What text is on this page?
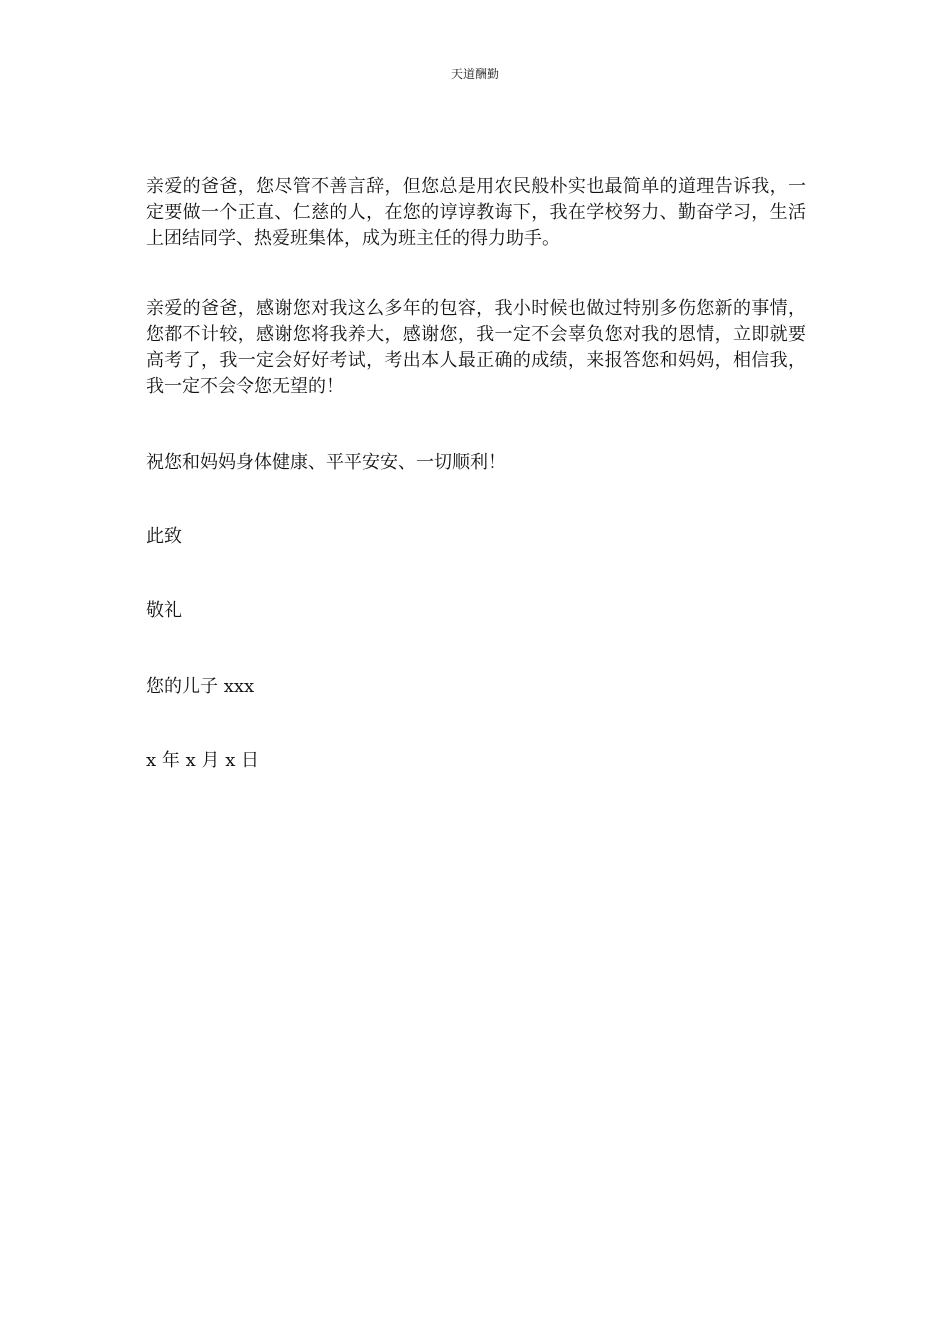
天道酬勤

亲爱的爸爸，您尽管不善言辞，但您总是用农民般朴实也最简单的道理告诉我，一定要做一个正直、仁慈的人，在您的谆谆教诲下，我在学校努力、勤奋学习，生活上团结同学、热爱班集体，成为班主任的得力助手。

亲爱的爸爸，感谢您对我这么多年的包容，我小时候也做过特别多伤您新的事情，您都不计较，感谢您将我养大，感谢您，我一定不会辜负您对我的恩情，立即就要高考了，我一定会好好考试，考出本人最正确的成绩，来报答您和妈妈，相信我，我一定不会令您无望的！

祝您和妈妈身体健康、平平安安、一切顺利！

此致

敬礼

您的儿子 xxx

x 年 x 月 x 日
